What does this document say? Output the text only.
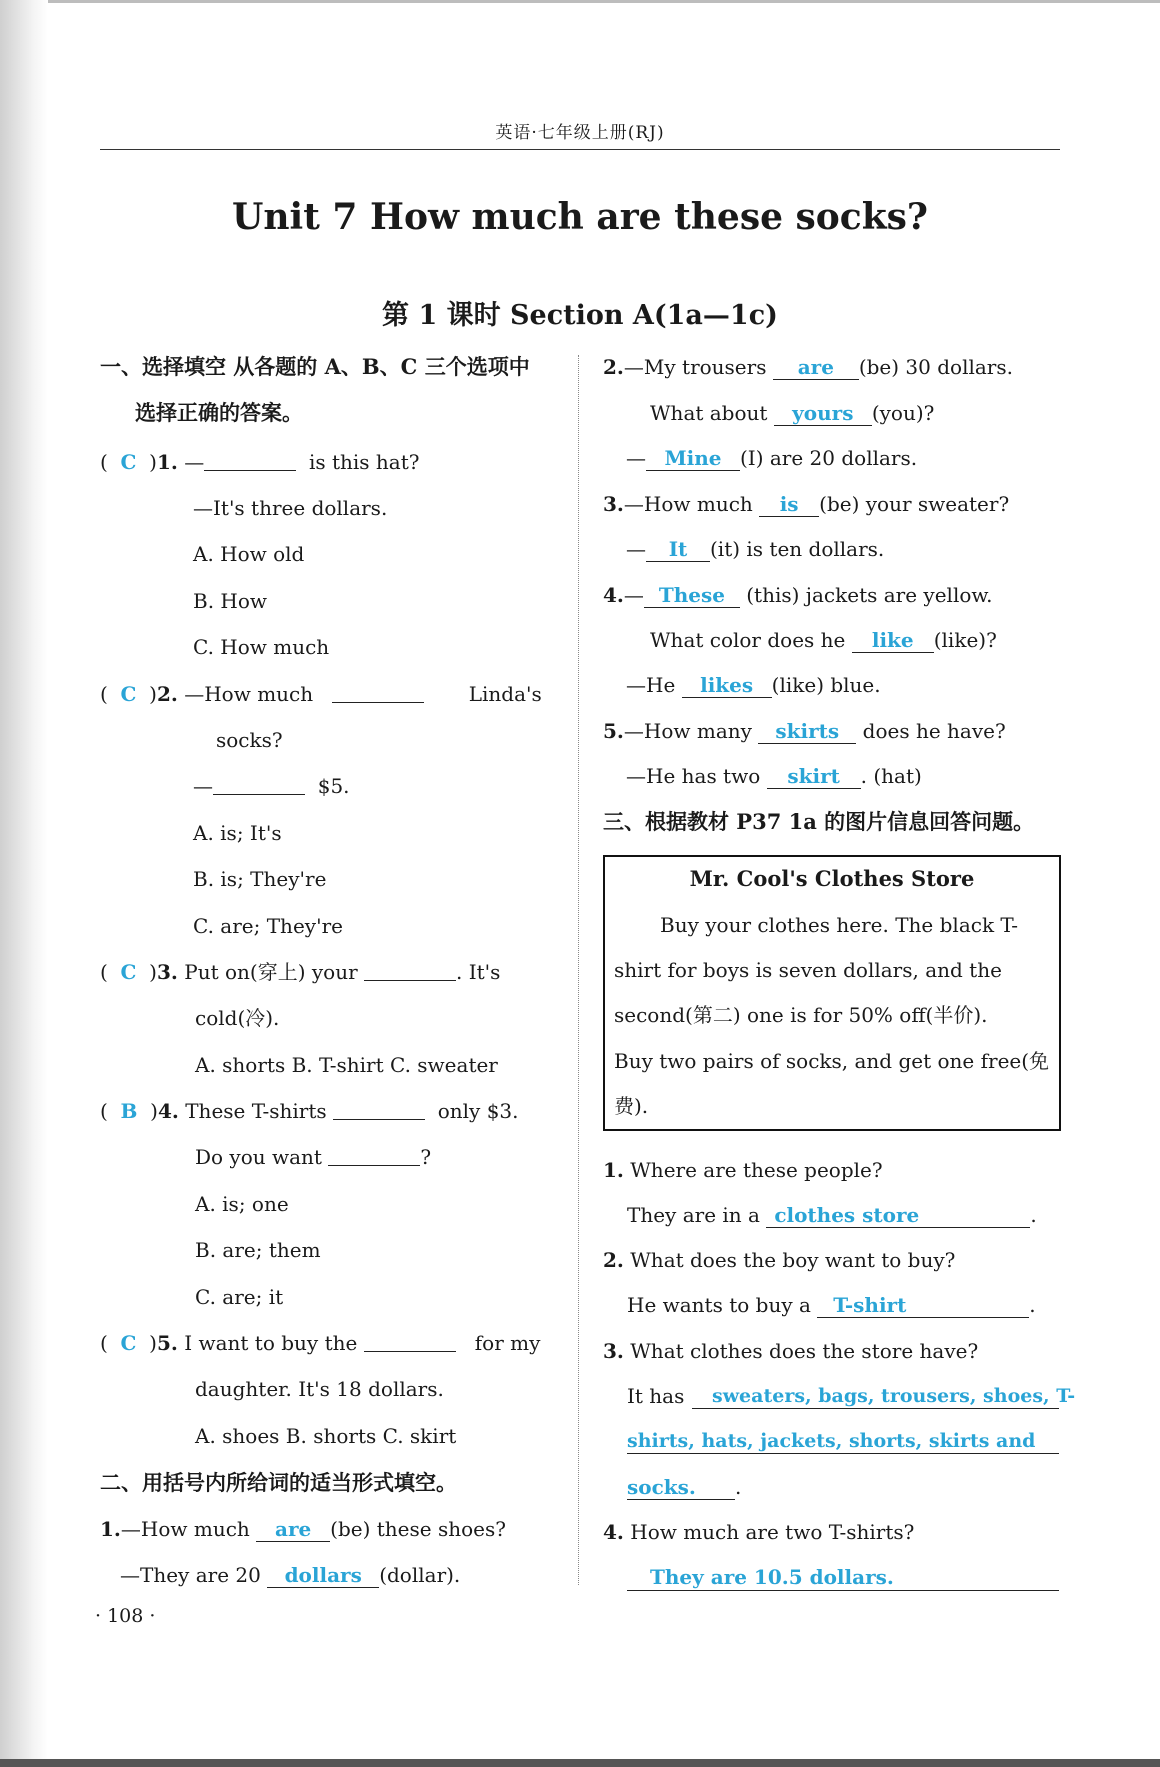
英语·七年级上册(RJ)
Unit 7 How much are these socks?
第 1 课时 Section A(1a—1c)
一、选择填空 从各题的 A、B、C 三个选项中
选择正确的答案。
( C )1. —	is this hat?
—It's three dollars.
A. How old
B. How
C. How much
( C )2. —How much	Linda's
socks?
—	$5.
A. is; It's
B. is; They're
C. are; They're
( C )3. Put on(穿上) your	. It's
cold(冷).
A. shorts B. T-shirt C. sweater
( B )4. These T-shirts	only $3.
Do you want	?
A. is; one
B. are; them
C. are; it
( C )5. I want to buy the	for my
daughter. It's 18 dollars.
A. shoes B. shorts C. skirt
二、用括号内所给词的适当形式填空。
1.—How much are (be) these shoes?
—They are 20 dollars (dollar).
· 108 ·
2.—My trousers are (be) 30 dollars.
What about yours (you)?
— Mine (I) are 20 dollars.
3.—How much is (be) your sweater?
— It (it) is ten dollars.
4.— These (this) jackets are yellow.
What color does he like (like)?
—He likes (like) blue.
5.—How many skirts does he have?
—He has two skirt . (hat)
三、根据教材 P37 1a 的图片信息回答问题。
Mr. Cool's Clothes Store
Buy your clothes here. The black T-
shirt for boys is seven dollars, and the
second(第二) one is for 50% off(半价).
Buy two pairs of socks, and get one free(免
费).
1. Where are these people?
They are in a clothes store	.
2. What does the boy want to buy?
He wants to buy a T-shirt	.
3. What clothes does the store have?
It has sweaters, bags, trousers, shoes, T-
shirts, hats, jackets, shorts, skirts and
socks. .
4. How much are two T-shirts?
They are 10.5 dollars.
